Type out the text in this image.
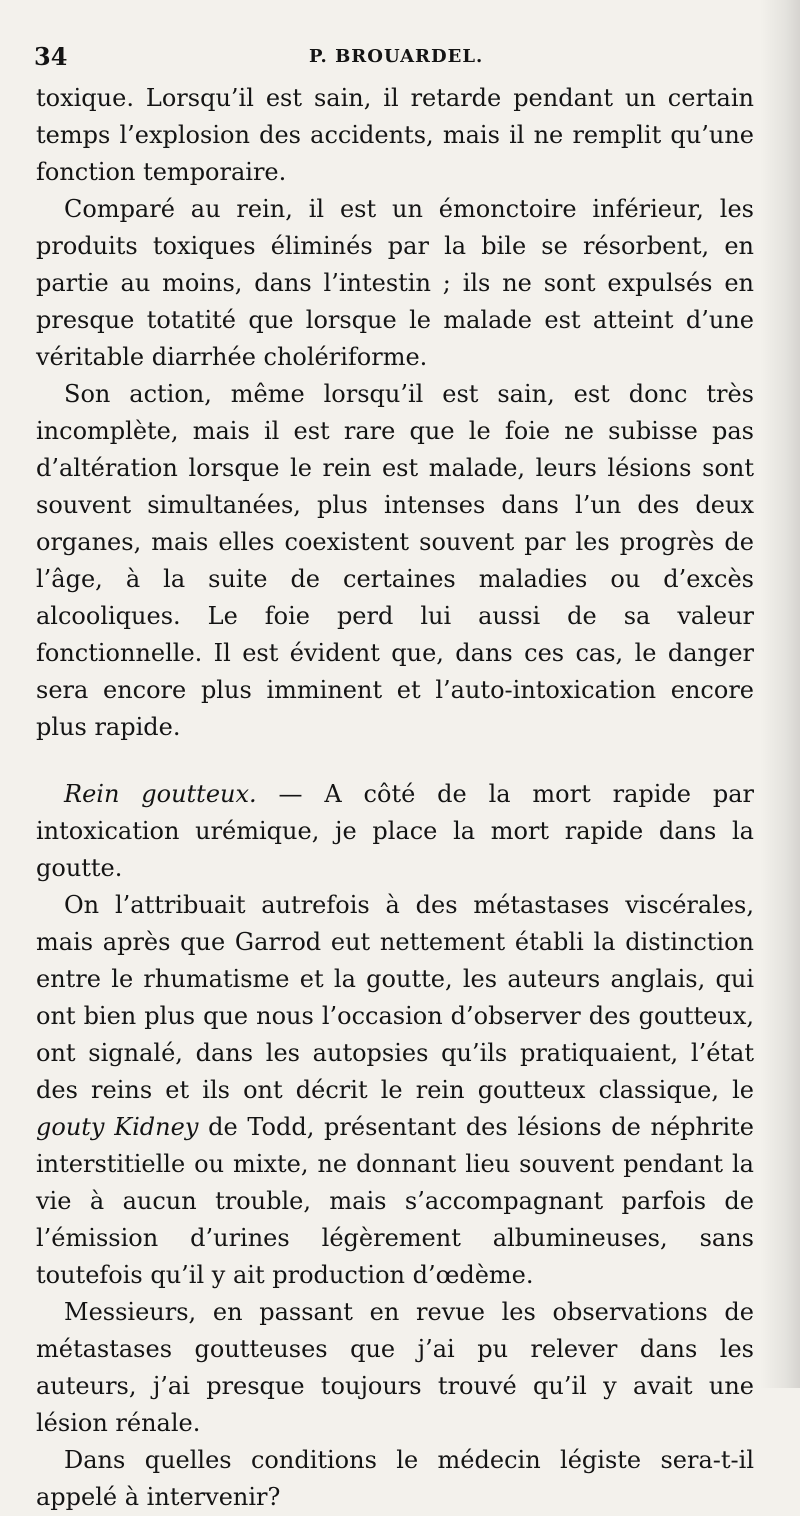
34	P. BROUARDEL.

toxique. Lorsqu’il est sain, il retarde pendant un certain temps l’explosion des accidents, mais il ne remplit qu’une fonction temporaire.

Comparé au rein, il est un émonctoire inférieur, les produits toxiques éliminés par la bile se résorbent, en partie au moins, dans l’intestin ; ils ne sont expulsés en presque totatité que lorsque le malade est atteint d’une véritable diarrhée cholériforme.

Son action, même lorsqu’il est sain, est donc très incomplète, mais il est rare que le foie ne subisse pas d’altération lorsque le rein est malade, leurs lésions sont souvent simultanées, plus intenses dans l’un des deux organes, mais elles coexistent souvent par les progrès de l’âge, à la suite de certaines maladies ou d’excès alcooliques. Le foie perd lui aussi de sa valeur fonctionnelle. Il est évident que, dans ces cas, le danger sera encore plus imminent et l’auto-intoxication encore plus rapide.

Rein goutteux. — A côté de la mort rapide par intoxication urémique, je place la mort rapide dans la goutte.

On l’attribuait autrefois à des métastases viscérales, mais après que Garrod eut nettement établi la distinction entre le rhumatisme et la goutte, les auteurs anglais, qui ont bien plus que nous l’occasion d’observer des goutteux, ont signalé, dans les autopsies qu’ils pratiquaient, l’état des reins et ils ont décrit le rein goutteux classique, le gouty Kidney de Todd, présentant des lésions de néphrite interstitielle ou mixte, ne donnant lieu souvent pendant la vie à aucun trouble, mais s’accompagnant parfois de l’émission d’urines légèrement albumineuses, sans toutefois qu’il y ait production d’œdème.

Messieurs, en passant en revue les observations de métastases goutteuses que j’ai pu relever dans les auteurs, j’ai presque toujours trouvé qu’il y avait une lésion rénale.

Dans quelles conditions le médecin légiste sera-t-il appelé à intervenir?
